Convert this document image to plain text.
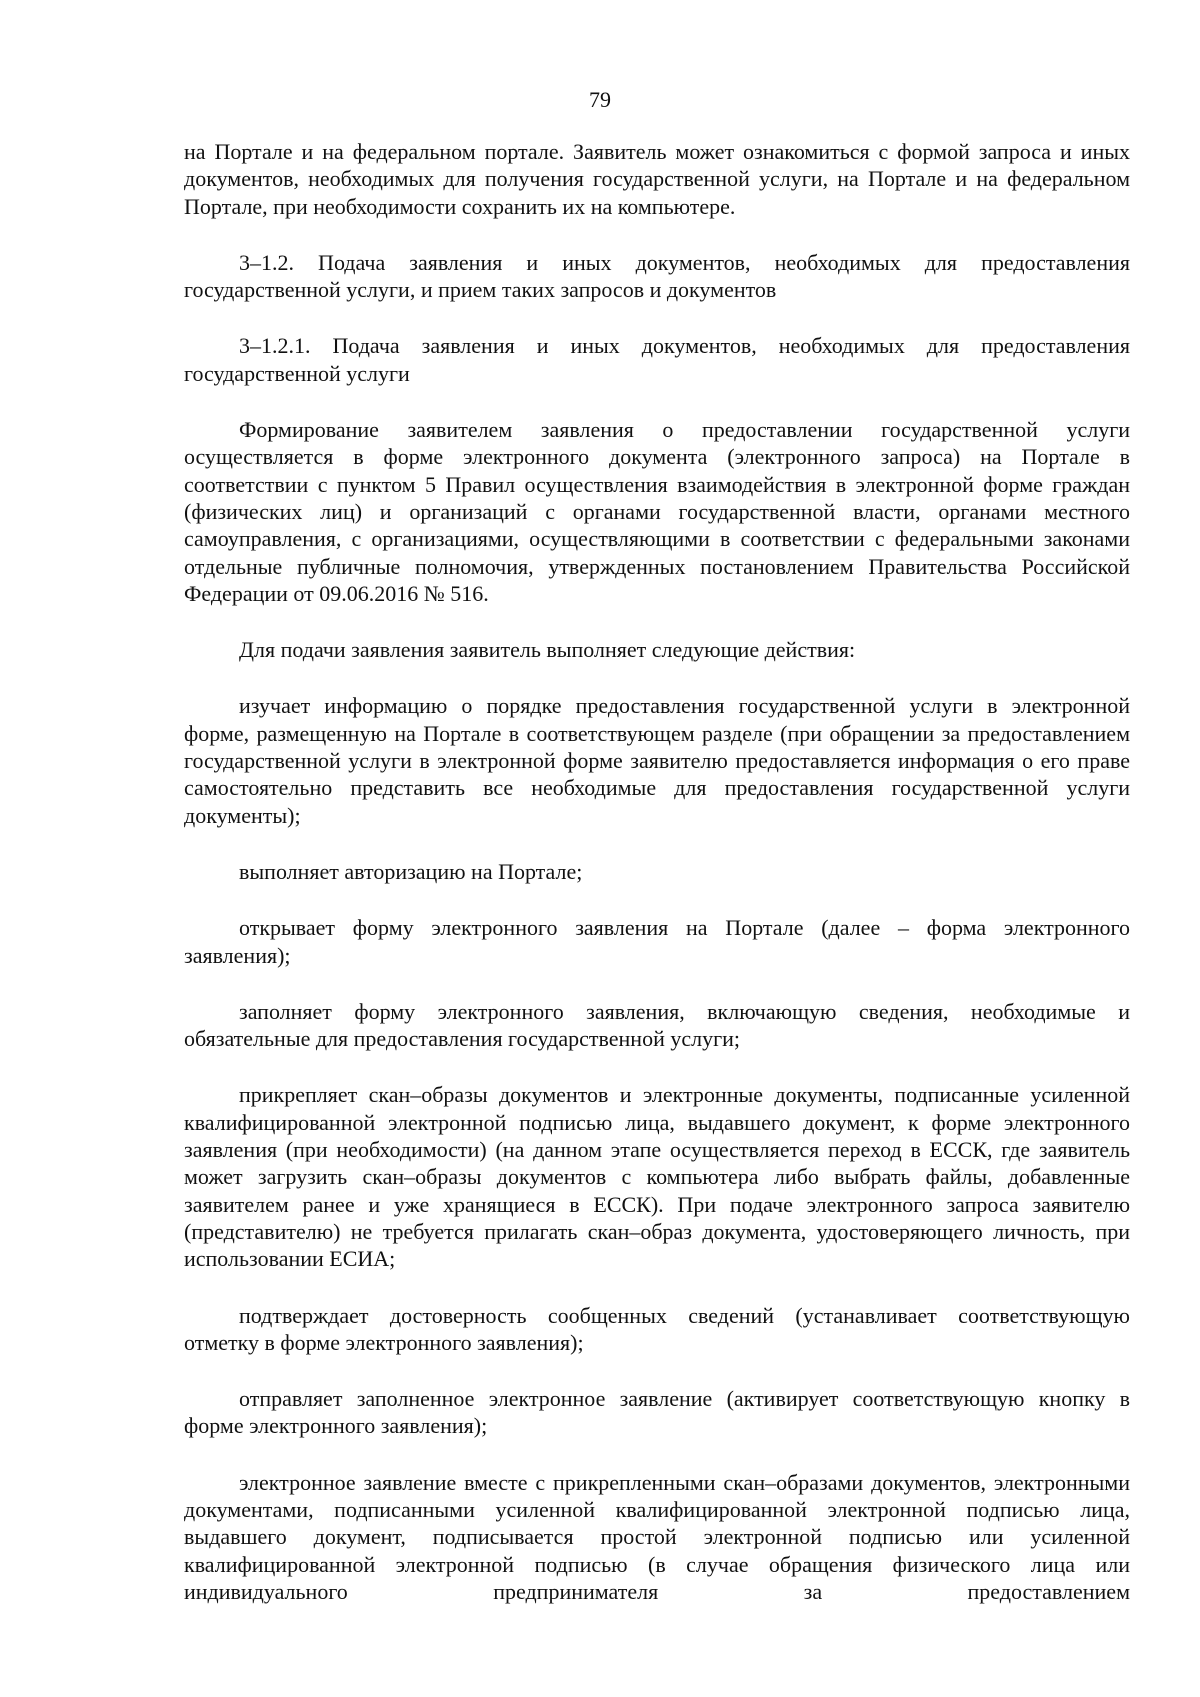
79

на Портале и на федеральном портале. Заявитель может ознакомиться с формой запроса и иных документов, необходимых для получения государственной услуги, на Портале и на федеральном Портале, при необходимости сохранить их на компьютере.

3–1.2. Подача заявления и иных документов, необходимых для предоставления государственной услуги, и прием таких запросов и документов

3–1.2.1. Подача заявления и иных документов, необходимых для предоставления государственной услуги

Формирование заявителем заявления о предоставлении государственной услуги осуществляется в форме электронного документа (электронного запроса) на Портале в соответствии с пунктом 5 Правил осуществления взаимодействия в электронной форме граждан (физических лиц) и организаций с органами государственной власти, органами местного самоуправления, с организациями, осуществляющими в соответствии с федеральными законами отдельные публичные полномочия, утвержденных постановлением Правительства Российской Федерации от 09.06.2016 № 516.

Для подачи заявления заявитель выполняет следующие действия:

изучает информацию о порядке предоставления государственной услуги в электронной форме, размещенную на Портале в соответствующем разделе (при обращении за предоставлением государственной услуги в электронной форме заявителю предоставляется информация о его праве самостоятельно представить все необходимые для предоставления государственной услуги документы);

выполняет авторизацию на Портале;

открывает форму электронного заявления на Портале (далее – форма электронного заявления);

заполняет форму электронного заявления, включающую сведения, необходимые и обязательные для предоставления государственной услуги;

прикрепляет скан–образы документов и электронные документы, подписанные усиленной квалифицированной электронной подписью лица, выдавшего документ, к форме электронного заявления (при необходимости) (на данном этапе осуществляется переход в ЕССК, где заявитель может загрузить скан–образы документов с компьютера либо выбрать файлы, добавленные заявителем ранее и уже хранящиеся в ЕССК). При подаче электронного запроса заявителю (представителю) не требуется прилагать скан–образ документа, удостоверяющего личность, при использовании ЕСИА;

подтверждает достоверность сообщенных сведений (устанавливает соответствующую отметку в форме электронного заявления);

отправляет заполненное электронное заявление (активирует соответствующую кнопку в форме электронного заявления);

электронное заявление вместе с прикрепленными скан–образами документов, электронными документами, подписанными усиленной квалифицированной электронной подписью лица, выдавшего документ, подписывается простой электронной подписью или усиленной квалифицированной электронной подписью (в случае обращения физического лица или индивидуального предпринимателя за предоставлением
